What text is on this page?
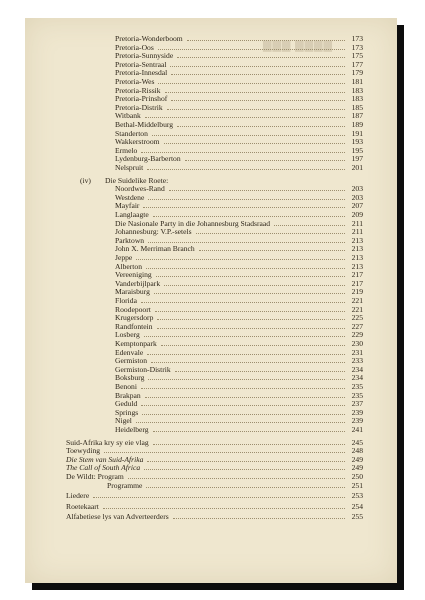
▇▇▇ ▇▇▇▇
Pretoria-Wonderboom	173
Pretoria-Oos	173
Pretoria-Sunnyside	175
Pretoria-Sentraal	177
Pretoria-Innesdal	179
Pretoria-Wes	181
Pretoria-Rissik	183
Pretoria-Prinshof	183
Pretoria-Distrik	185
Witbank	187
Bethal-Middelburg	189
Standerton	191
Wakkerstroom	193
Ermelo	195
Lydenburg-Barberton	197
Nelspruit	201
(iv) Die Suidelike Roete:
Noordwes-Rand	203
Westdene	203
Mayfair	207
Langlaagte	209
Die Nasionale Party in die Johannesburg Stadsraad	211
Johannesburg: V.P.-setels	211
Parktown	213
John X. Merriman Branch	213
Jeppe	213
Alberton	213
Vereeniging	217
Vanderbijlpark	217
Maraisburg	219
Florida	221
Roodepoort	221
Krugersdorp	225
Randfontein	227
Losberg	229
Kemptonpark	230
Edenvale	231
Germiston	233
Germiston-Distrik	234
Boksburg	234
Benoni	235
Brakpan	235
Geduld	237
Springs	239
Nigel	239
Heidelberg	241
Suid-Afrika kry sy eie vlag	245
Toewyding	248
Die Stem van Suid-Afrika	249
The Call of South Africa	249
De Wildt: Program	250
Programme	251
Liedere	253
Roetekaart	254
Alfabetiese lys van Adverteerders	255
